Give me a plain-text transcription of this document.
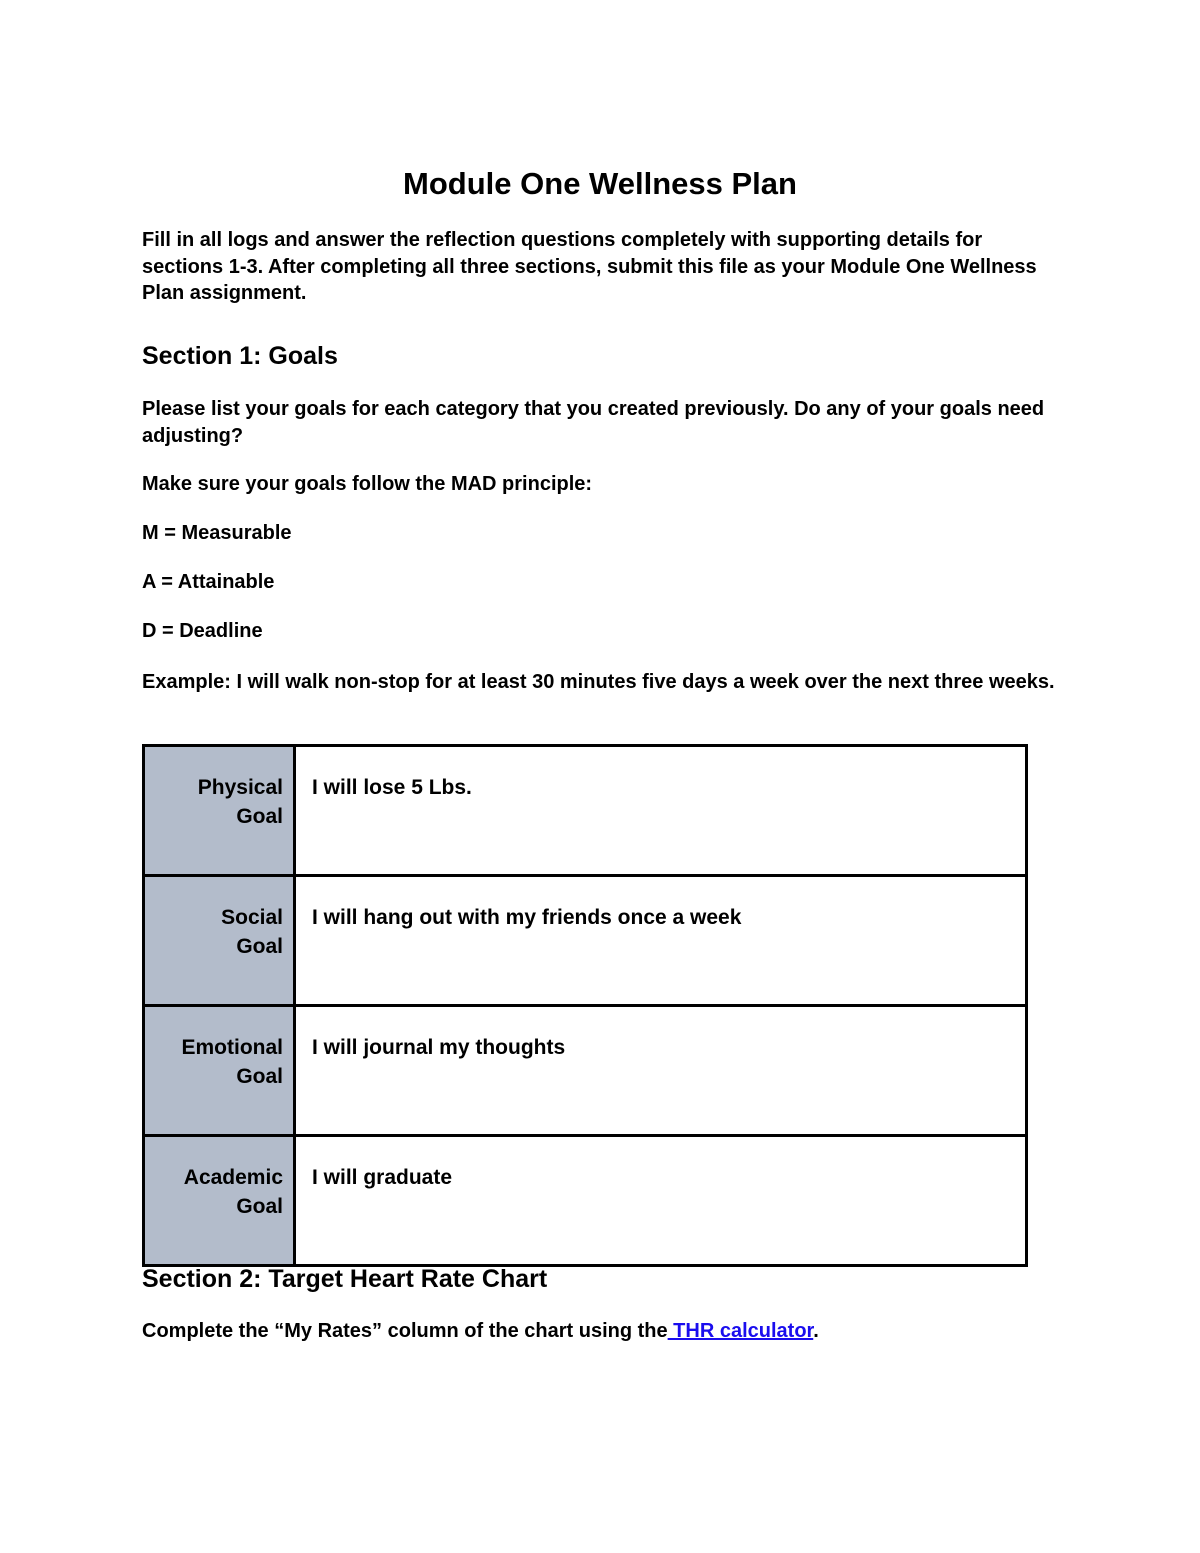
Module One Wellness Plan

Fill in all logs and answer the reflection questions completely with supporting details for sections 1-3. After completing all three sections, submit this file as your Module One Wellness Plan assignment.

Section 1: Goals

Please list your goals for each category that you created previously. Do any of your goals need adjusting?

Make sure your goals follow the MAD principle:

M = Measurable

A = Attainable

D = Deadline

Example: I will walk non-stop for at least 30 minutes five days a week over the next three weeks.

Physical
Goal	I will lose 5 Lbs.
Social
Goal	I will hang out with my friends once a week
Emotional
Goal	I will journal my thoughts
Academic
Goal	I will graduate
Section 2: Target Heart Rate Chart

Complete the “My Rates” column of the chart using the THR calculator.
